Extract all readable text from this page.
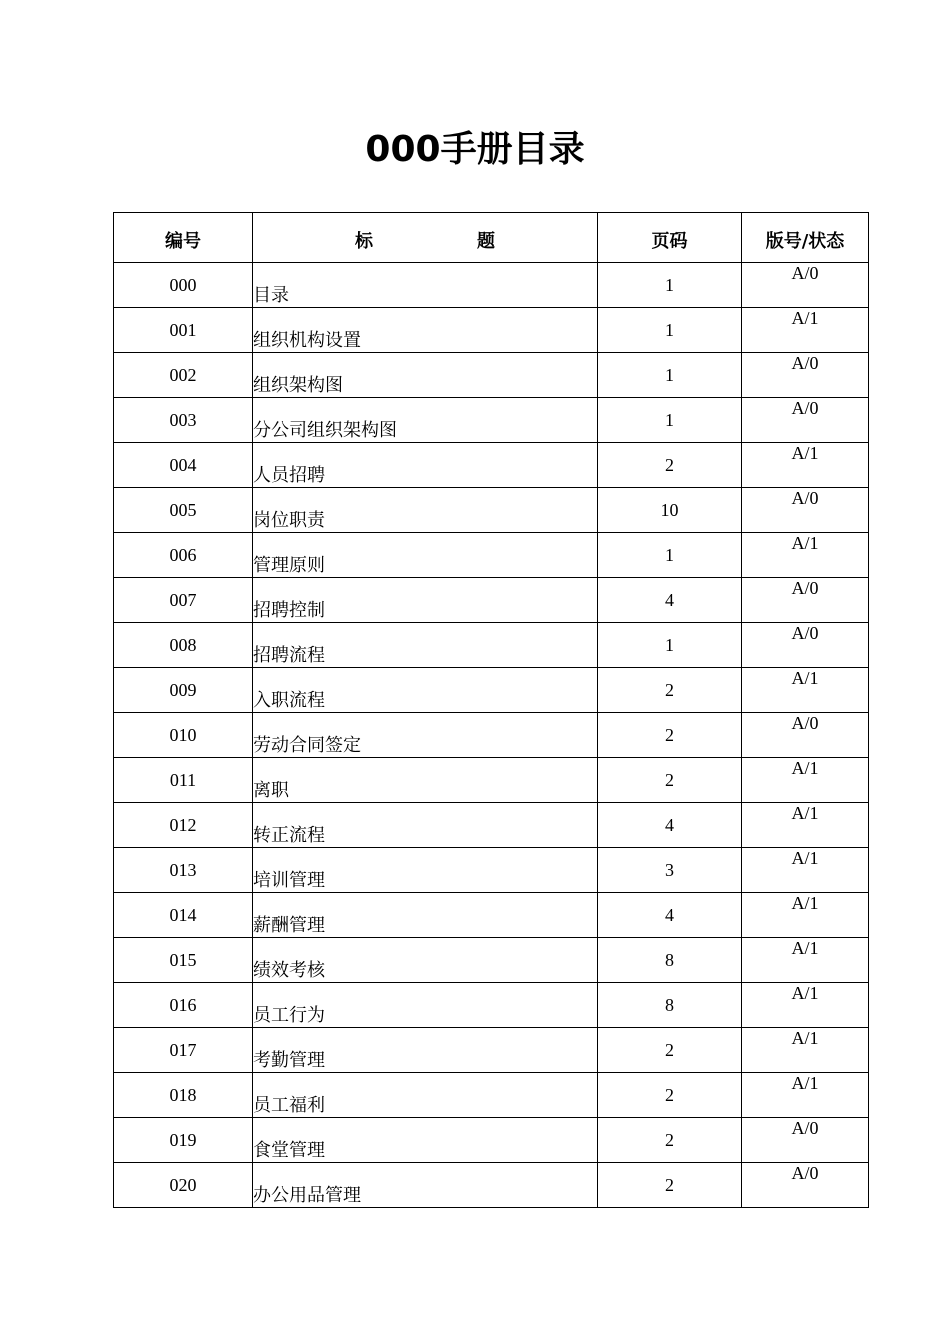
000手册目录
编号	标 题	页码	版号/状态
000	目录	1	A/0
001	组织机构设置	1	A/1
002	组织架构图	1	A/0
003	分公司组织架构图	1	A/0
004	人员招聘	2	A/1
005	岗位职责	10	A/0
006	管理原则	1	A/1
007	招聘控制	4	A/0
008	招聘流程	1	A/0
009	入职流程	2	A/1
010	劳动合同签定	2	A/0
011	离职	2	A/1
012	转正流程	4	A/1
013	培训管理	3	A/1
014	薪酬管理	4	A/1
015	绩效考核	8	A/1
016	员工行为	8	A/1
017	考勤管理	2	A/1
018	员工福利	2	A/1
019	食堂管理	2	A/0
020	办公用品管理	2	A/0
